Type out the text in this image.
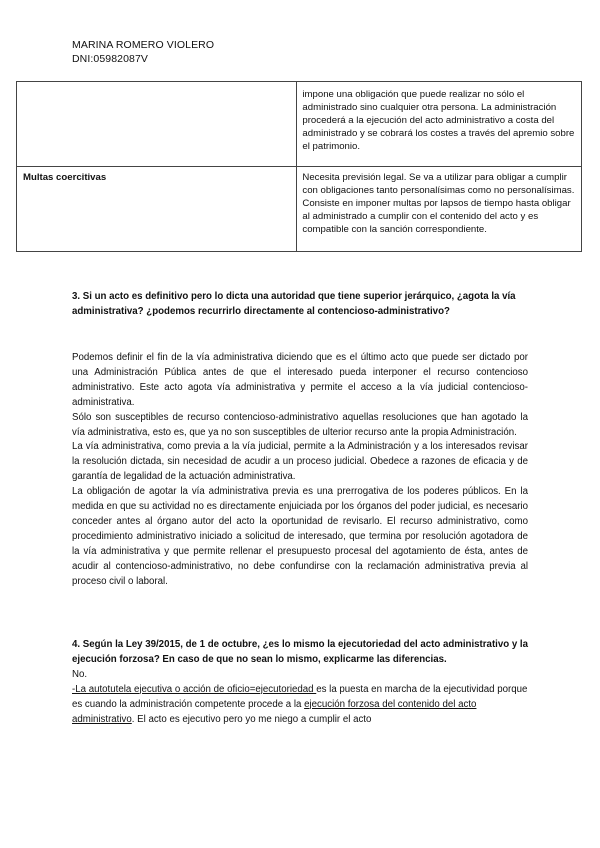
MARINA ROMERO VIOLERO
DNI:05982087V

	impone una obligación que puede realizar no sólo el administrado sino cualquier otra persona. La administración procederá a la ejecución del acto administrativo a costa del administrado y se cobrará los costes a través del apremio sobre el patrimonio.

Multas coercitivas	Necesita previsión legal. Se va a utilizar para obligar a cumplir con obligaciones tanto personalísimas como no personalísimas. Consiste en imponer multas por lapsos de tiempo hasta obligar al administrado a cumplir con el contenido del acto y es compatible con la sanción correspondiente.

3. Si un acto es definitivo pero lo dicta una autoridad que tiene superior jerárquico, ¿agota la vía administrativa? ¿podemos recurrirlo directamente al contencioso-administrativo?

Podemos definir el fin de la vía administrativa diciendo que es el último acto que puede ser dictado por una Administración Pública antes de que el interesado pueda interponer el recurso contencioso administrativo. Este acto agota vía administrativa y permite el acceso a la vía judicial contencioso-administrativa.

Sólo son susceptibles de recurso contencioso-administrativo aquellas resoluciones que han agotado la vía administrativa, esto es, que ya no son susceptibles de ulterior recurso ante la propia Administración.

La vía administrativa, como previa a la vía judicial, permite a la Administración y a los interesados revisar la resolución dictada, sin necesidad de acudir a un proceso judicial. Obedece a razones de eficacia y de garantía de legalidad de la actuación administrativa.

La obligación de agotar la vía administrativa previa es una prerrogativa de los poderes públicos. En la medida en que su actividad no es directamente enjuiciada por los órganos del poder judicial, es necesario conceder antes al órgano autor del acto la oportunidad de revisarlo. El recurso administrativo, como procedimiento administrativo iniciado a solicitud de interesado, que termina por resolución agotadora de la vía administrativa y que permite rellenar el presupuesto procesal del agotamiento de ésta, antes de acudir al contencioso-administrativo, no debe confundirse con la reclamación administrativa previa al proceso civil o laboral.

4. Según la Ley 39/2015, de 1 de octubre, ¿es lo mismo la ejecutoriedad del acto administrativo y la ejecución forzosa? En caso de que no sean lo mismo, explicarme las diferencias.

No.

-La autotutela ejecutiva o acción de oficio=ejecutoriedad es la puesta en marcha de la ejecutividad porque es cuando la administración competente procede a la ejecución forzosa del contenido del acto administrativo. El acto es ejecutivo pero yo me niego a cumplir el acto
